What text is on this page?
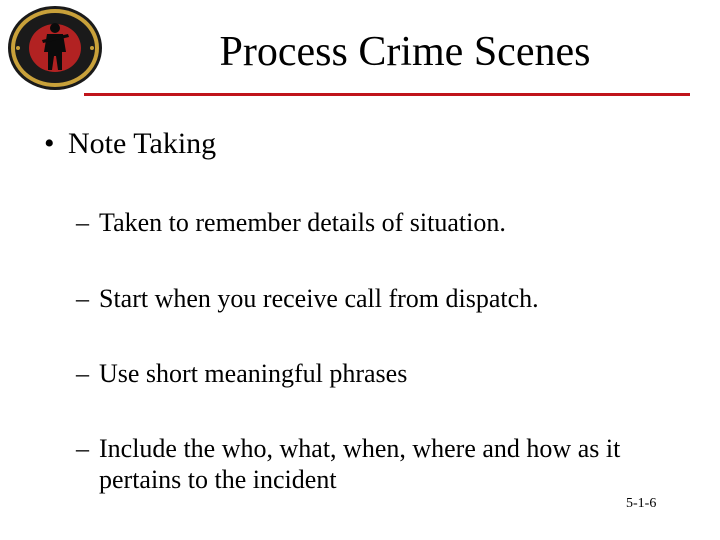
Process Crime Scenes
• Note Taking
– Taken to remember details of situation.
– Start when you receive call from dispatch.
– Use short meaningful phrases
– Include the who, what, when, where and how as it pertains to the incident
5-1-6
